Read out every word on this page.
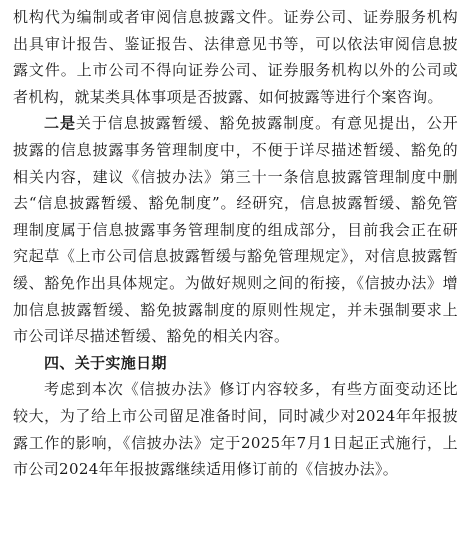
机构代为编制或者审阅信息披露文件。证券公司、证券服务机构出具审计报告、鉴证报告、法律意见书等，可以依法审阅信息披露文件。上市公司不得向证券公司、证券服务机构以外的公司或者机构，就某类具体事项是否披露、如何披露等进行个案咨询。

二是关于信息披露暂缓、豁免披露制度。有意见提出，公开披露的信息披露事务管理制度中，不便于详尽描述暂缓、豁免的相关内容，建议《信披办法》第三十一条信息披露管理制度中删去“信息披露暂缓、豁免制度”。经研究，信息披露暂缓、豁免管理制度属于信息披露事务管理制度的组成部分，目前我会正在研究起草《上市公司信息披露暂缓与豁免管理规定》，对信息披露暂缓、豁免作出具体规定。为做好规则之间的衔接，《信披办法》增加信息披露暂缓、豁免披露制度的原则性规定，并未强制要求上市公司详尽描述暂缓、豁免的相关内容。

四、关于实施日期

考虑到本次《信披办法》修订内容较多，有些方面变动还比较大，为了给上市公司留足准备时间，同时减少对2024年年报披露工作的影响，《信披办法》定于2025年7月1日起正式施行，上市公司2024年年报披露继续适用修订前的《信披办法》。
